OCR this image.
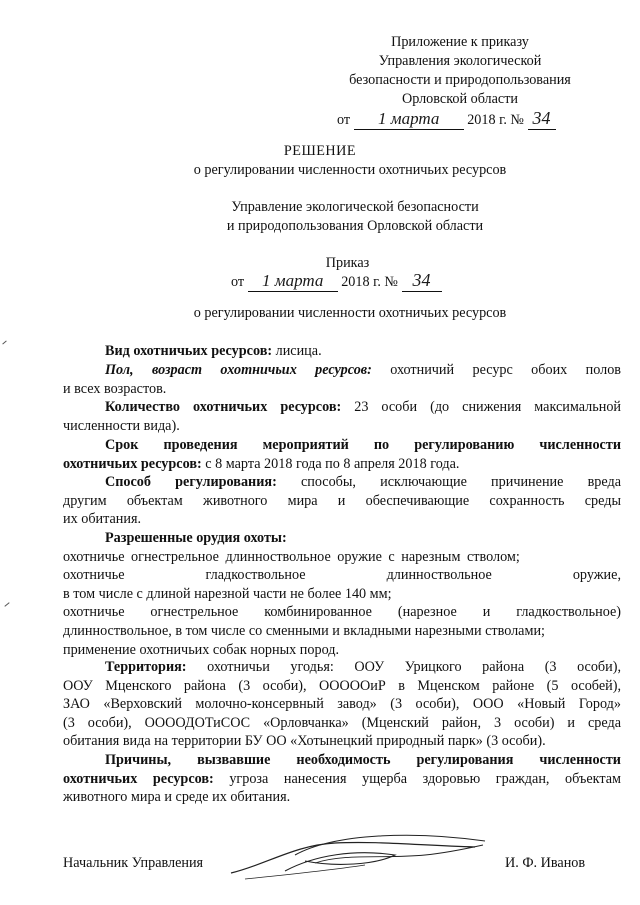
Приложение к приказу
Управления экологической
безопасности и природопользования
Орловской области
от 1 марта 2018 г. № 34
РЕШЕНИЕ
о регулировании численности охотничьих ресурсов
Управление экологической безопасности
и природопользования Орловской области
Приказ
от 1 марта 2018 г. № 34
о регулировании численности охотничьих ресурсов
Вид охотничьих ресурсов: лисица.
Пол, возраст охотничьих ресурсов: охотничий ресурс обоих полов
и всех возрастов.
Количество охотничьих ресурсов: 23 особи (до снижения максимальной
численности вида).
Срок проведения мероприятий по регулированию численности
охотничьих ресурсов: с 8 марта 2018 года по 8 апреля 2018 года.
Способ регулирования: способы, исключающие причинение вреда
другим объектам животного мира и обеспечивающие сохранность среды
их обитания.
Разрешенные орудия охоты:
охотничье огнестрельное длинноствольное оружие с нарезным стволом;
охотничье гладкоствольное длинноствольное оружие,
в том числе с длиной нарезной части не более 140 мм;
охотничье огнестрельное комбинированное (нарезное и гладкоствольное)
длинноствольное, в том числе со сменными и вкладными нарезными стволами;
применение охотничьих собак норных пород.
Территория: охотничьи угодья: ООУ Урицкого района (3 особи),
ООУ Мценского района (3 особи), ОООООиР в Мценском районе (5 особей),
ЗАО «Верховский молочно-консервный завод» (3 особи), ООО «Новый Город»
(3 особи), ООООДОТиСОС «Орловчанка» (Мценский район, 3 особи) и среда
обитания вида на территории БУ ОО «Хотынецкий природный парк» (3 особи).
Причины, вызвавшие необходимость регулирования численности
охотничьих ресурсов: угроза нанесения ущерба здоровью граждан, объектам
животного мира и среде их обитания.
Начальник Управления	И. Ф. Иванов
